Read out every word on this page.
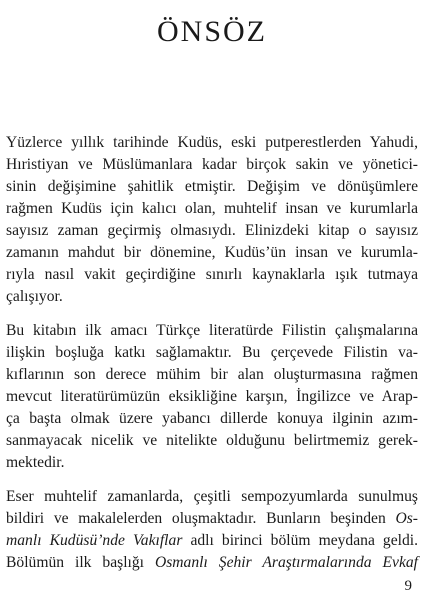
ÖNSÖZ
Yüzlerce yıllık tarihinde Kudüs, eski putperestlerden Yahudi,
Hıristiyan ve Müslümanlara kadar birçok sakin ve yönetici-
sinin değişimine şahitlik etmiştir. Değişim ve dönüşümlere
rağmen Kudüs için kalıcı olan, muhtelif insan ve kurumlarla
sayısız zaman geçirmiş olmasıydı. Elinizdeki kitap o sayısız
zamanın mahdut bir dönemine, Kudüs’ün insan ve kurumla-
rıyla nasıl vakit geçirdiğine sınırlı kaynaklarla ışık tutmaya
çalışıyor.
Bu kitabın ilk amacı Türkçe literatürde Filistin çalışmalarına
ilişkin boşluğa katkı sağlamaktır. Bu çerçevede Filistin va-
kıflarının son derece mühim bir alan oluşturmasına rağmen
mevcut literatürümüzün eksikliğine karşın, İngilizce ve Arap-
ça başta olmak üzere yabancı dillerde konuya ilginin azım-
sanmayacak nicelik ve nitelikte olduğunu belirtmemiz gerek-
mektedir.
Eser muhtelif zamanlarda, çeşitli sempozyumlarda sunulmuş
bildiri ve makalelerden oluşmaktadır. Bunların beşinden Os-
manlı Kudüsü’nde Vakıflar adlı birinci bölüm meydana geldi.
Bölümün ilk başlığı Osmanlı Şehir Araştırmalarında Evkaf
9
